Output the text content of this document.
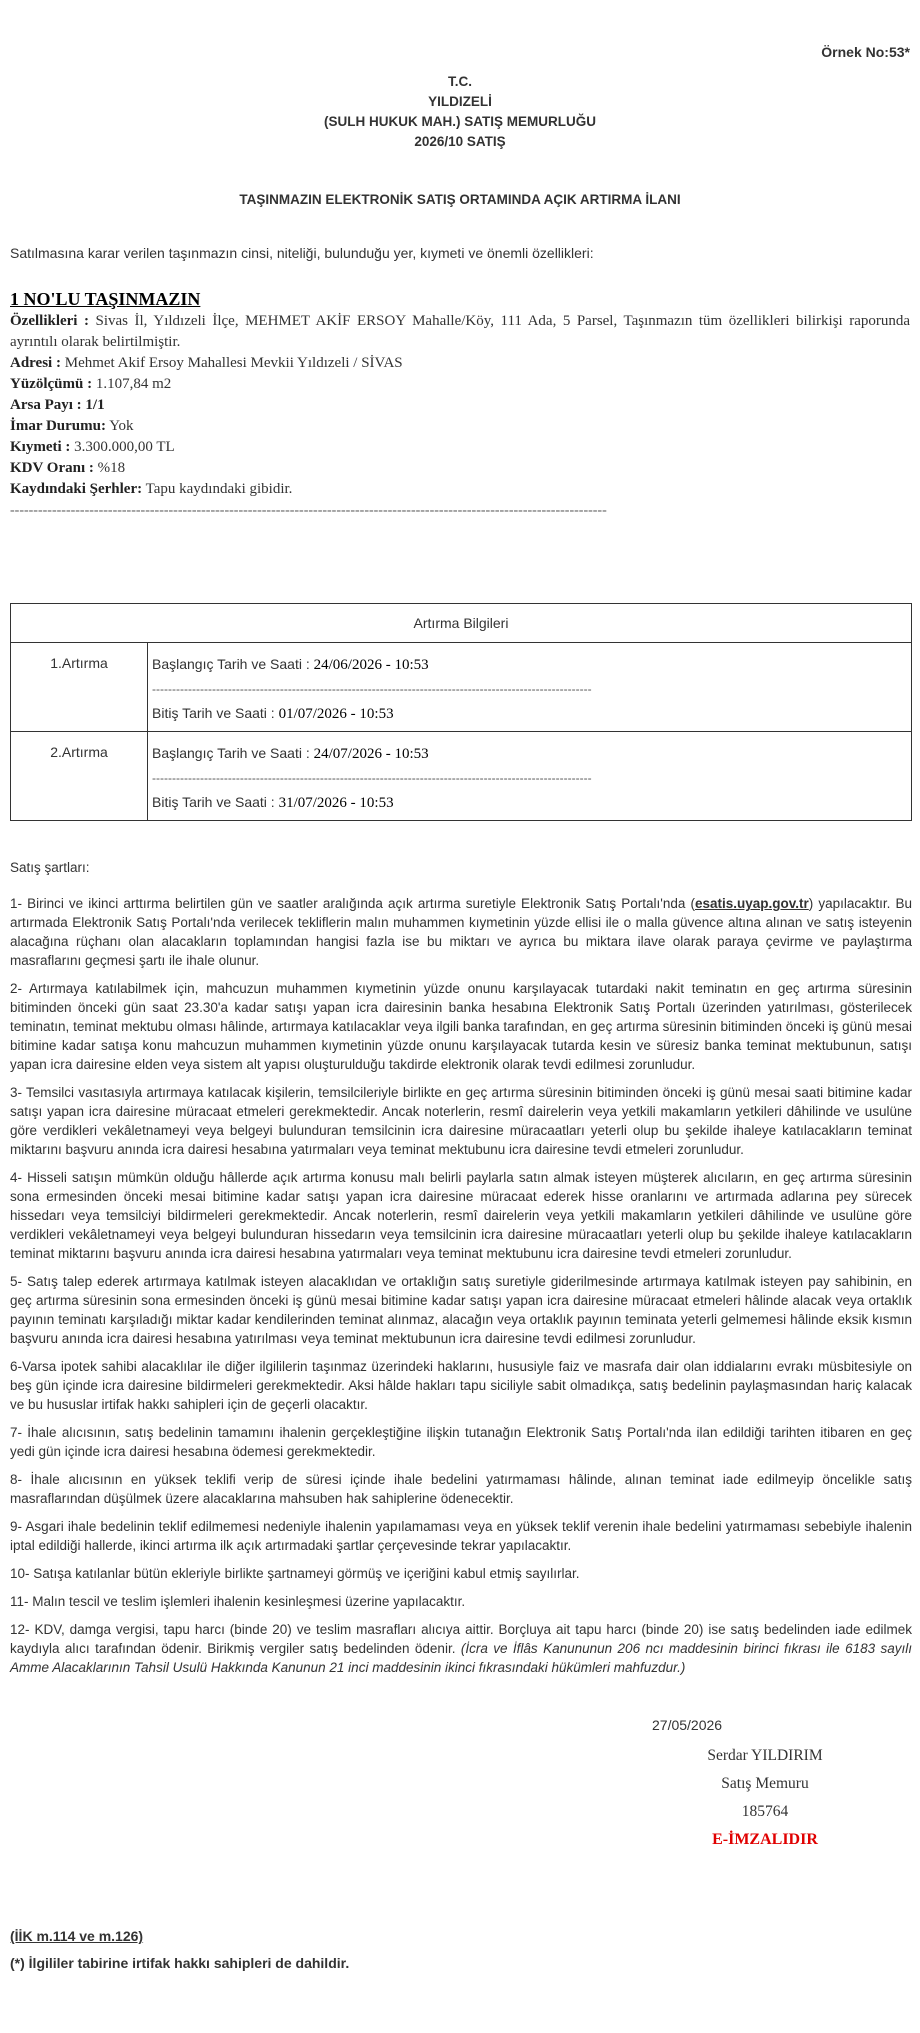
Örnek No:53*
T.C.
YILDIZELİ
(SULH HUKUK MAH.) SATIŞ MEMURLUĞU
2026/10 SATIŞ
TAŞINMAZIN ELEKTRONİK SATIŞ ORTAMINDA AÇIK ARTIRMA İLANI
Satılmasına karar verilen taşınmazın cinsi, niteliği, bulunduğu yer, kıymeti ve önemli özellikleri:
1 NO'LU TAŞINMAZIN
Özellikleri : Sivas İl, Yıldızeli İlçe, MEHMET AKİF ERSOY Mahalle/Köy, 111 Ada, 5 Parsel, Taşınmazın tüm özellikleri bilirkişi raporunda ayrıntılı olarak belirtilmiştir.
Adresi : Mehmet Akif Ersoy Mahallesi Mevkii Yıldızeli / SİVAS
Yüzölçümü : 1.107,84 m2
Arsa Payı : 1/1
İmar Durumu: Yok
Kıymeti : 3.300.000,00 TL
KDV Oranı : %18
Kaydındaki Şerhler: Tapu kaydındaki gibidir.
--------------------------------------------------------------------------------------------------------------------------------
Artırma Bilgileri	
1.Artırma	Başlangıç Tarih ve Saati : 24/06/2026 - 10:53
--------------------------------------------------------------------------------------------------------------
Bitiş Tarih ve Saati : 01/07/2026 - 10:53

2.Artırma	Başlangıç Tarih ve Saati : 24/07/2026 - 10:53
--------------------------------------------------------------------------------------------------------------
Bitiş Tarih ve Saati : 31/07/2026 - 10:53

Satış şartları:

1- Birinci ve ikinci arttırma belirtilen gün ve saatler aralığında açık artırma suretiyle Elektronik Satış Portalı'nda (esatis.uyap.gov.tr) yapılacaktır. Bu artırmada Elektronik Satış Portalı'nda verilecek tekliflerin malın muhammen kıymetinin yüzde ellisi ile o malla güvence altına alınan ve satış isteyenin alacağına rüçhanı olan alacakların toplamından hangisi fazla ise bu miktarı ve ayrıca bu miktara ilave olarak paraya çevirme ve paylaştırma masraflarını geçmesi şartı ile ihale olunur.

2- Artırmaya katılabilmek için, mahcuzun muhammen kıymetinin yüzde onunu karşılayacak tutardaki nakit teminatın en geç artırma süresinin bitiminden önceki gün saat 23.30'a kadar satışı yapan icra dairesinin banka hesabına Elektronik Satış Portalı üzerinden yatırılması, gösterilecek teminatın, teminat mektubu olması hâlinde, artırmaya katılacaklar veya ilgili banka tarafından, en geç artırma süresinin bitiminden önceki iş günü mesai bitimine kadar satışa konu mahcuzun muhammen kıymetinin yüzde onunu karşılayacak tutarda kesin ve süresiz banka teminat mektubunun, satışı yapan icra dairesine elden veya sistem alt yapısı oluşturulduğu takdirde elektronik olarak tevdi edilmesi zorunludur.

3- Temsilci vasıtasıyla artırmaya katılacak kişilerin, temsilcileriyle birlikte en geç artırma süresinin bitiminden önceki iş günü mesai saati bitimine kadar satışı yapan icra dairesine müracaat etmeleri gerekmektedir. Ancak noterlerin, resmî dairelerin veya yetkili makamların yetkileri dâhilinde ve usulüne göre verdikleri vekâletnameyi veya belgeyi bulunduran temsilcinin icra dairesine müracaatları yeterli olup bu şekilde ihaleye katılacakların teminat miktarını başvuru anında icra dairesi hesabına yatırmaları veya teminat mektubunu icra dairesine tevdi etmeleri zorunludur.

4- Hisseli satışın mümkün olduğu hâllerde açık artırma konusu malı belirli paylarla satın almak isteyen müşterek alıcıların, en geç artırma süresinin sona ermesinden önceki mesai bitimine kadar satışı yapan icra dairesine müracaat ederek hisse oranlarını ve artırmada adlarına pey sürecek hissedarı veya temsilciyi bildirmeleri gerekmektedir. Ancak noterlerin, resmî dairelerin veya yetkili makamların yetkileri dâhilinde ve usulüne göre verdikleri vekâletnameyi veya belgeyi bulunduran hissedarın veya temsilcinin icra dairesine müracaatları yeterli olup bu şekilde ihaleye katılacakların teminat miktarını başvuru anında icra dairesi hesabına yatırmaları veya teminat mektubunu icra dairesine tevdi etmeleri zorunludur.

5- Satış talep ederek artırmaya katılmak isteyen alacaklıdan ve ortaklığın satış suretiyle giderilmesinde artırmaya katılmak isteyen pay sahibinin, en geç artırma süresinin sona ermesinden önceki iş günü mesai bitimine kadar satışı yapan icra dairesine müracaat etmeleri hâlinde alacak veya ortaklık payının teminatı karşıladığı miktar kadar kendilerinden teminat alınmaz, alacağın veya ortaklık payının teminata yeterli gelmemesi hâlinde eksik kısmın başvuru anında icra dairesi hesabına yatırılması veya teminat mektubunun icra dairesine tevdi edilmesi zorunludur.

6-Varsa ipotek sahibi alacaklılar ile diğer ilgililerin taşınmaz üzerindeki haklarını, hususiyle faiz ve masrafa dair olan iddialarını evrakı müsbitesiyle on beş gün içinde icra dairesine bildirmeleri gerekmektedir. Aksi hâlde hakları tapu siciliyle sabit olmadıkça, satış bedelinin paylaşmasından hariç kalacak ve bu hususlar irtifak hakkı sahipleri için de geçerli olacaktır.

7- İhale alıcısının, satış bedelinin tamamını ihalenin gerçekleştiğine ilişkin tutanağın Elektronik Satış Portalı'nda ilan edildiği tarihten itibaren en geç yedi gün içinde icra dairesi hesabına ödemesi gerekmektedir.

8- İhale alıcısının en yüksek teklifi verip de süresi içinde ihale bedelini yatırmaması hâlinde, alınan teminat iade edilmeyip öncelikle satış masraflarından düşülmek üzere alacaklarına mahsuben hak sahiplerine ödenecektir.

9- Asgari ihale bedelinin teklif edilmemesi nedeniyle ihalenin yapılamaması veya en yüksek teklif verenin ihale bedelini yatırmaması sebebiyle ihalenin iptal edildiği hallerde, ikinci artırma ilk açık artırmadaki şartlar çerçevesinde tekrar yapılacaktır.

10- Satışa katılanlar bütün ekleriyle birlikte şartnameyi görmüş ve içeriğini kabul etmiş sayılırlar.

11- Malın tescil ve teslim işlemleri ihalenin kesinleşmesi üzerine yapılacaktır.

12- KDV, damga vergisi, tapu harcı (binde 20) ve teslim masrafları alıcıya aittir. Borçluya ait tapu harcı (binde 20) ise satış bedelinden iade edilmek kaydıyla alıcı tarafından ödenir. Birikmiş vergiler satış bedelinden ödenir. (İcra ve İflâs Kanununun 206 ncı maddesinin birinci fıkrası ile 6183 sayılı Amme Alacaklarının Tahsil Usulü Hakkında Kanunun 21 inci maddesinin ikinci fıkrasındaki hükümleri mahfuzdur.)

27/05/2026
Serdar YILDIRIM
Satış Memuru
185764
E-İMZALIDIR
(İİK m.114 ve m.126)
(*) İlgililer tabirine irtifak hakkı sahipleri de dahildir.
